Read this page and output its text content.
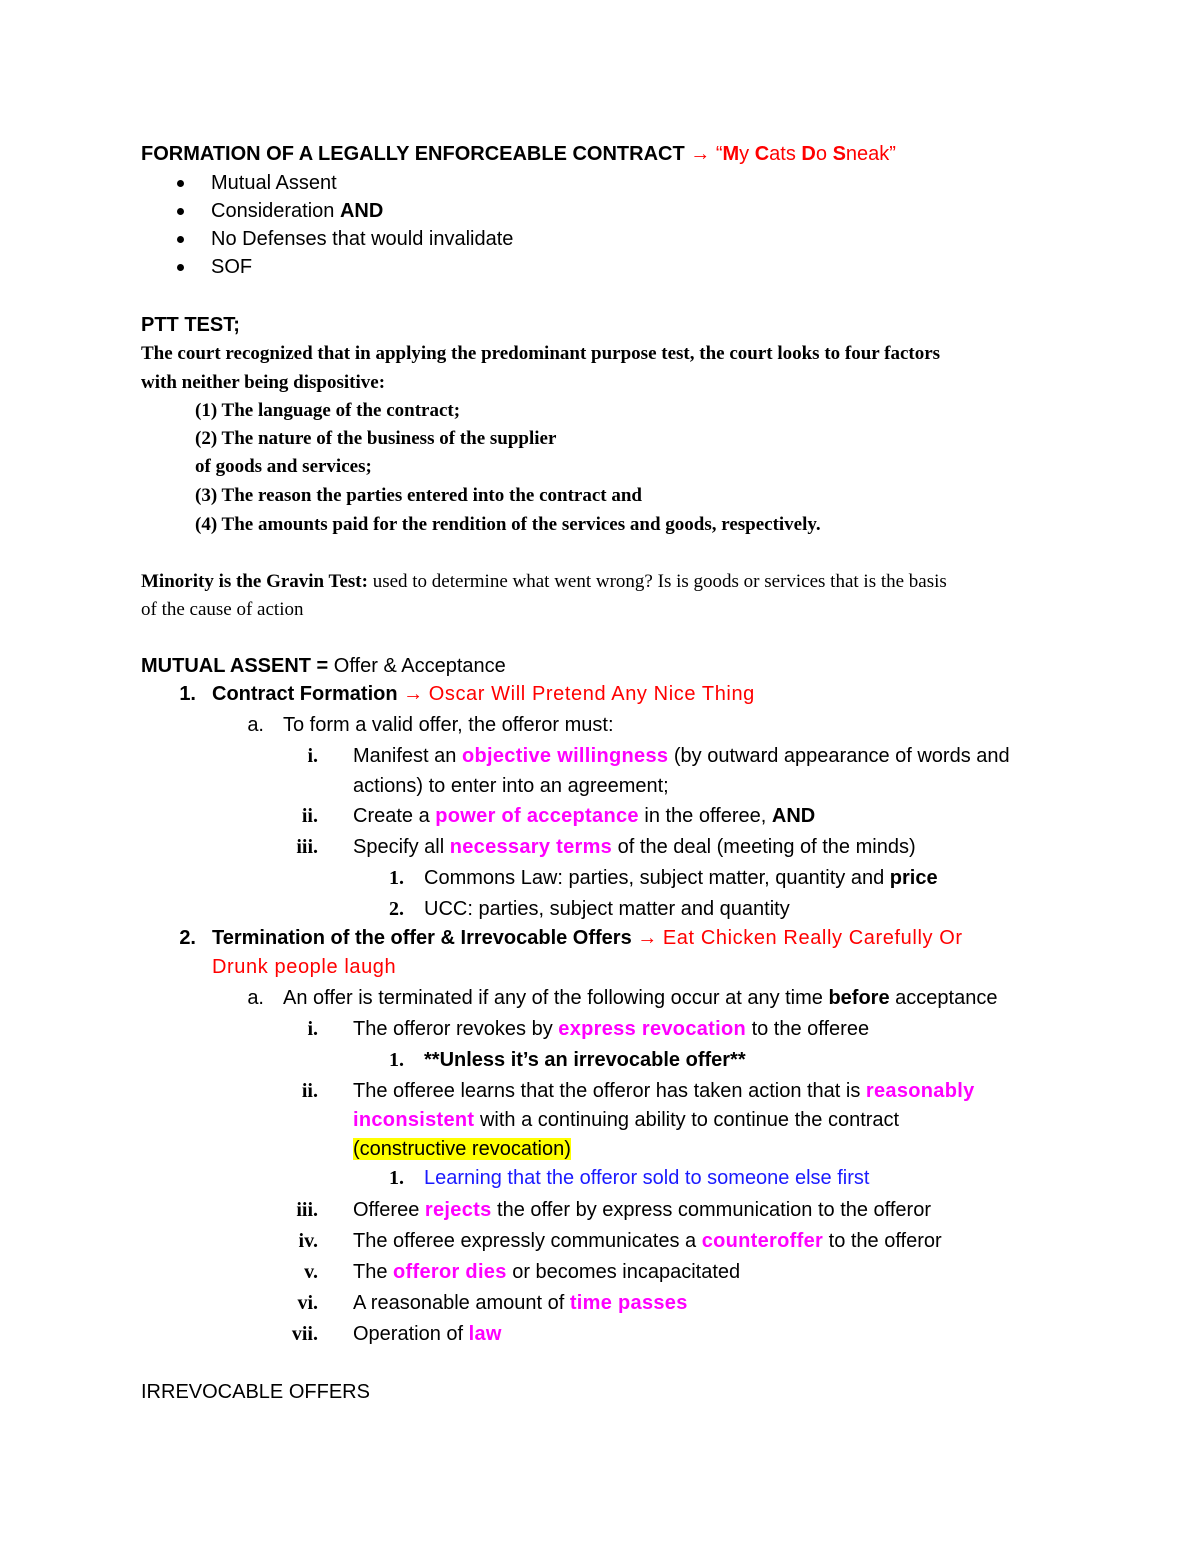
FORMATION OF A LEGALLY ENFORCEABLE CONTRACT → “My Cats Do Sneak”
Mutual Assent
Consideration AND
No Defenses that would invalidate
SOF
PTT TEST;
The court recognized that in applying the predominant purpose test, the court looks to four factors
with neither being dispositive:
(1) The language of the contract;
(2) The nature of the business of the supplier
of goods and services;
(3) The reason the parties entered into the contract and
(4) The amounts paid for the rendition of the services and goods, respectively.
Minority is the Gravin Test: used to determine what went wrong? Is is goods or services that is the basis
of the cause of action
MUTUAL ASSENT = Offer & Acceptance
1. Contract Formation → Oscar Will Pretend Any Nice Thing
a. To form a valid offer, the offeror must:
i. Manifest an objective willingness (by outward appearance of words and
actions) to enter into an agreement;
ii. Create a power of acceptance in the offeree, AND
iii. Specify all necessary terms of the deal (meeting of the minds)
1. Commons Law: parties, subject matter, quantity and price
2. UCC: parties, subject matter and quantity
2. Termination of the offer & Irrevocable Offers → Eat Chicken Really Carefully Or
Drunk people laugh
a. An offer is terminated if any of the following occur at any time before acceptance
i. The offeror revokes by express revocation to the offeree
1. **Unless it’s an irrevocable offer**
ii. The offeree learns that the offeror has taken action that is reasonably
inconsistent with a continuing ability to continue the contract
(constructive revocation)
1. Learning that the offeror sold to someone else first
iii. Offeree rejects the offer by express communication to the offeror
iv. The offeree expressly communicates a counteroffer to the offeror
v. The offeror dies or becomes incapacitated
vi. A reasonable amount of time passes
vii. Operation of law
IRREVOCABLE OFFERS
